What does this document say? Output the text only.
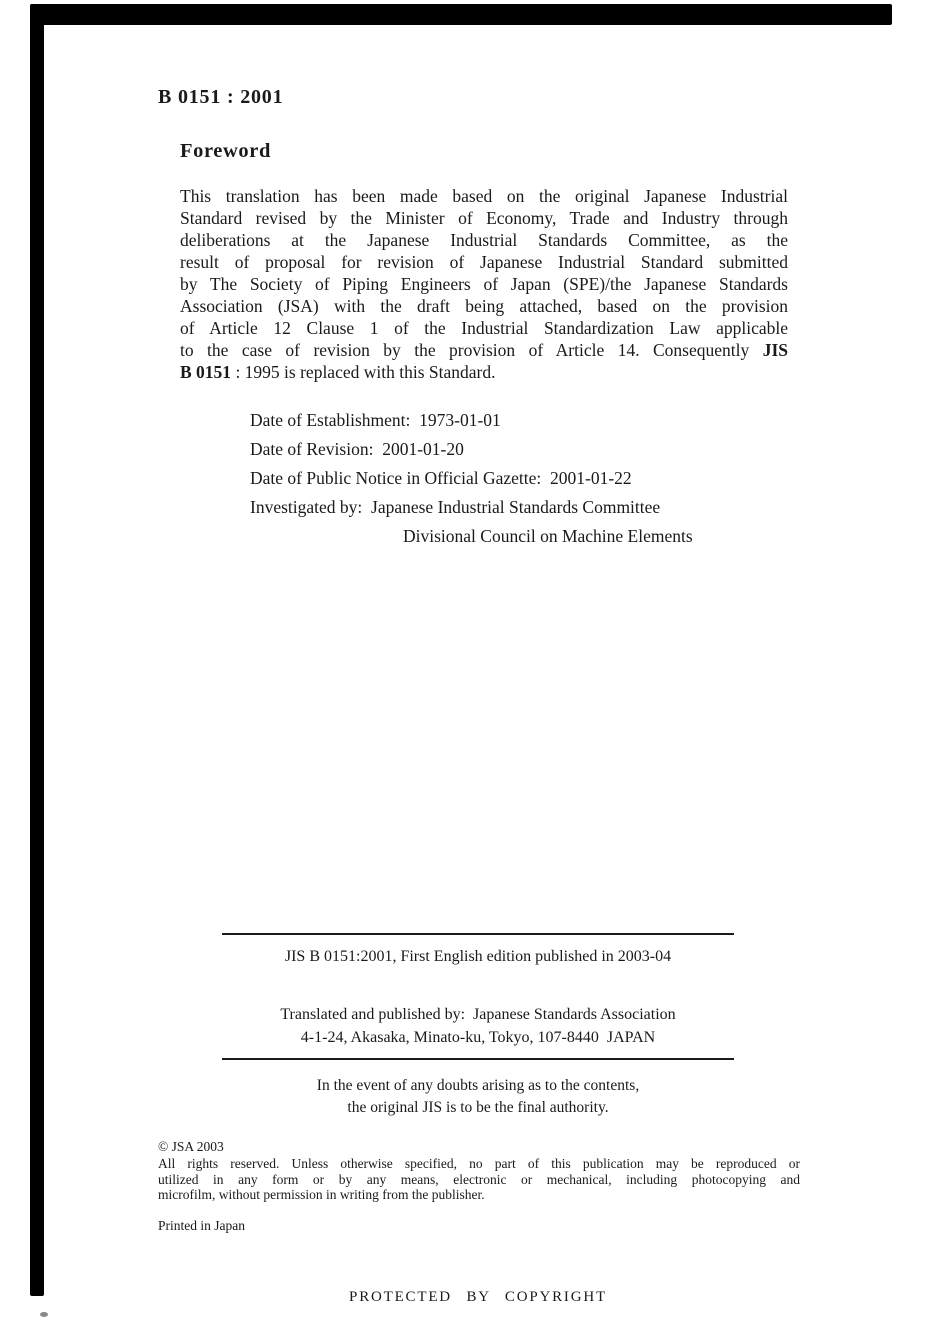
B 0151 : 2001
Foreword
This translation has been made based on the original Japanese Industrial
Standard revised by the Minister of Economy, Trade and Industry through
deliberations at the Japanese Industrial Standards Committee, as the
result of proposal for revision of Japanese Industrial Standard submitted
by The Society of Piping Engineers of Japan (SPE)/the Japanese Standards
Association (JSA) with the draft being attached, based on the provision
of Article 12 Clause 1 of the Industrial Standardization Law applicable
to the case of revision by the provision of Article 14. Consequently JIS
B 0151 : 1995 is replaced with this Standard.
Date of Establishment:  1973-01-01
Date of Revision:  2001-01-20
Date of Public Notice in Official Gazette:  2001-01-22
Investigated by:  Japanese Industrial Standards Committee
Divisional Council on Machine Elements
JIS B 0151:2001, First English edition published in 2003-04
Translated and published by:  Japanese Standards Association
4-1-24, Akasaka, Minato-ku, Tokyo, 107-8440  JAPAN
In the event of any doubts arising as to the contents,
the original JIS is to be the final authority.
© JSA 2003
All rights reserved. Unless otherwise specified, no part of this publication may be reproduced or
utilized in any form or by any means, electronic or mechanical, including photocopying and
microfilm, without permission in writing from the publisher.
Printed in Japan
PROTECTED BY COPYRIGHT
